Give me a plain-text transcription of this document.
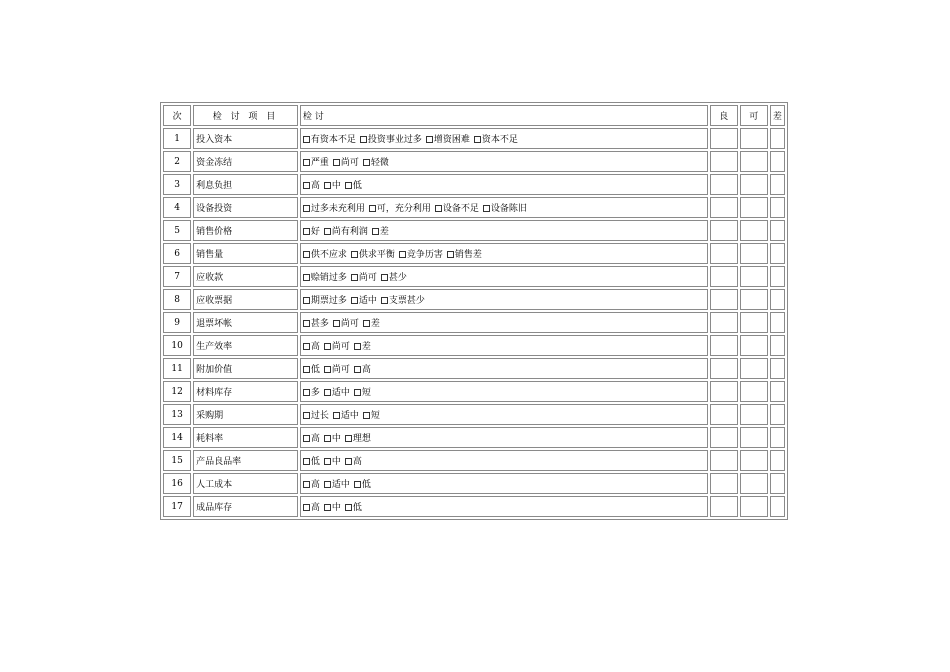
次	检 讨 项 目	检 讨	良	可	差
1	投入资本	有资本不足 投资事业过多 增资困难 资本不足			
2	资金冻结	严重 尚可 轻微			
3	利息负担	高 中 低			
4	设备投资	过多未充利用 可，充分利用 设备不足 设备陈旧			
5	销售价格	好 尚有利润 差			
6	销售量	供不应求 供求平衡 竞争历害 销售差			
7	应收款	赊销过多 尚可 甚少			
8	应收票据	期票过多 适中 支票甚少			
9	退票坏帐	甚多 尚可 差			
10	生产效率	高 尚可 差			
11	附加价值	低 尚可 高			
12	材料库存	多 适中 短			
13	采购期	过长 适中 短			
14	耗料率	高 中 理想			
15	产品良品率	低 中 高			
16	人工成本	高 适中 低			
17	成品库存	高 中 低			
